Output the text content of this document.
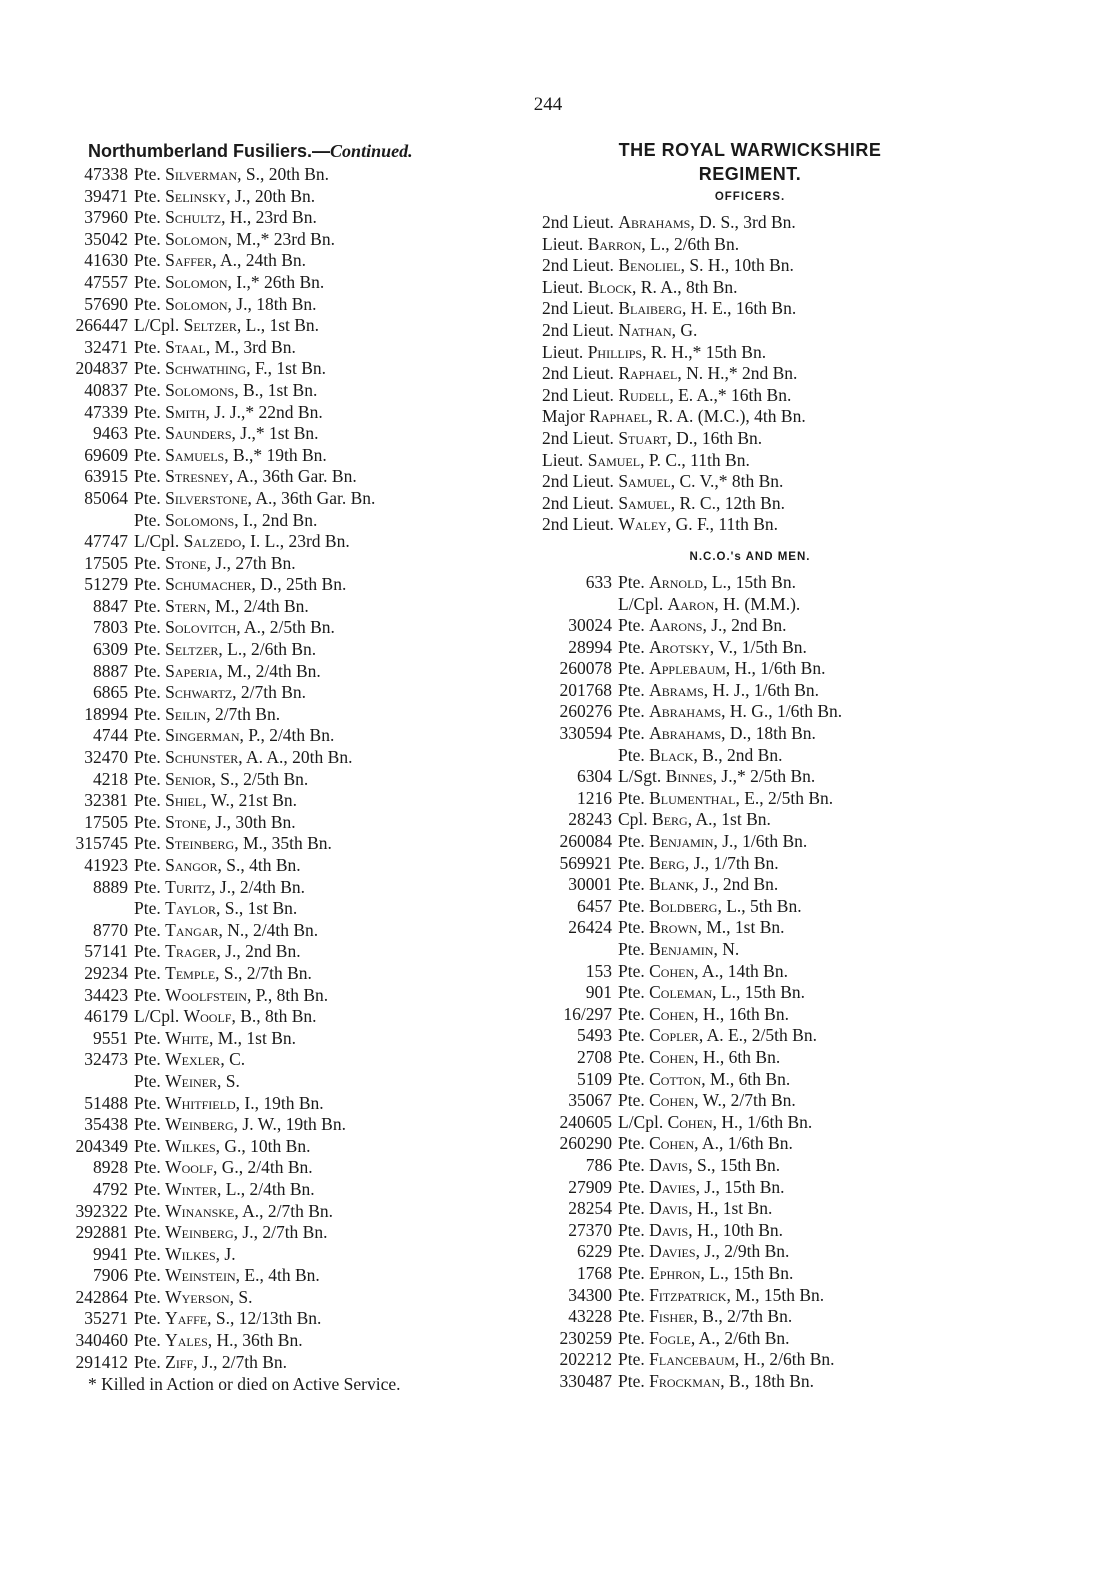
244
Northumberland Fusiliers.—Continued.
47338 Pte. Silverman, S., 20th Bn.
39471 Pte. Selinsky, J., 20th Bn.
37960 Pte. Schultz, H., 23rd Bn.
35042 Pte. Solomon, M.,* 23rd Bn.
41630 Pte. Saffer, A., 24th Bn.
47557 Pte. Solomon, I.,* 26th Bn.
57690 Pte. Solomon, J., 18th Bn.
266447 L/Cpl. Seltzer, L., 1st Bn.
32471 Pte. Staal, M., 3rd Bn.
204837 Pte. Schwathing, F., 1st Bn.
40837 Pte. Solomons, B., 1st Bn.
47339 Pte. Smith, J. J.,* 22nd Bn.
9463 Pte. Saunders, J.,* 1st Bn.
69609 Pte. Samuels, B.,* 19th Bn.
63915 Pte. Stresney, A., 36th Gar. Bn.
85064 Pte. Silverstone, A., 36th Gar. Bn.
Pte. Solomons, I., 2nd Bn.
47747 L/Cpl. Salzedo, I. L., 23rd Bn.
17505 Pte. Stone, J., 27th Bn.
51279 Pte. Schumacher, D., 25th Bn.
8847 Pte. Stern, M., 2/4th Bn.
7803 Pte. Solovitch, A., 2/5th Bn.
6309 Pte. Seltzer, L., 2/6th Bn.
8887 Pte. Saperia, M., 2/4th Bn.
6865 Pte. Schwartz, 2/7th Bn.
18994 Pte. Seilin, 2/7th Bn.
4744 Pte. Singerman, P., 2/4th Bn.
32470 Pte. Schunster, A. A., 20th Bn.
4218 Pte. Senior, S., 2/5th Bn.
32381 Pte. Shiel, W., 21st Bn.
17505 Pte. Stone, J., 30th Bn.
315745 Pte. Steinberg, M., 35th Bn.
41923 Pte. Sangor, S., 4th Bn.
8889 Pte. Turitz, J., 2/4th Bn.
Pte. Taylor, S., 1st Bn.
8770 Pte. Tangar, N., 2/4th Bn.
57141 Pte. Trager, J., 2nd Bn.
29234 Pte. Temple, S., 2/7th Bn.
34423 Pte. Woolfstein, P., 8th Bn.
46179 L/Cpl. Woolf, B., 8th Bn.
9551 Pte. White, M., 1st Bn.
32473 Pte. Wexler, C.
Pte. Weiner, S.
51488 Pte. Whitfield, I., 19th Bn.
35438 Pte. Weinberg, J. W., 19th Bn.
204349 Pte. Wilkes, G., 10th Bn.
8928 Pte. Woolf, G., 2/4th Bn.
4792 Pte. Winter, L., 2/4th Bn.
392322 Pte. Winanske, A., 2/7th Bn.
292881 Pte. Weinberg, J., 2/7th Bn.
9941 Pte. Wilkes, J.
7906 Pte. Weinstein, E., 4th Bn.
242864 Pte. Wyerson, S.
35271 Pte. Yaffe, S., 12/13th Bn.
340460 Pte. Yales, H., 36th Bn.
291412 Pte. Ziff, J., 2/7th Bn.
* Killed in Action or died on Active Service.
THE ROYAL WARWICKSHIRE
REGIMENT.
OFFICERS.
2nd Lieut. Abrahams, D. S., 3rd Bn.
Lieut. Barron, L., 2/6th Bn.
2nd Lieut. Benoliel, S. H., 10th Bn.
Lieut. Block, R. A., 8th Bn.
2nd Lieut. Blaiberg, H. E., 16th Bn.
2nd Lieut. Nathan, G.
Lieut. Phillips, R. H.,* 15th Bn.
2nd Lieut. Raphael, N. H.,* 2nd Bn.
2nd Lieut. Rudell, E. A.,* 16th Bn.
Major Raphael, R. A. (M.C.), 4th Bn.
2nd Lieut. Stuart, D., 16th Bn.
Lieut. Samuel, P. C., 11th Bn.
2nd Lieut. Samuel, C. V.,* 8th Bn.
2nd Lieut. Samuel, R. C., 12th Bn.
2nd Lieut. Waley, G. F., 11th Bn.
N.C.O.'s AND MEN.
633 Pte. Arnold, L., 15th Bn.
L/Cpl. Aaron, H. (M.M.).
30024 Pte. Aarons, J., 2nd Bn.
28994 Pte. Arotsky, V., 1/5th Bn.
260078 Pte. Applebaum, H., 1/6th Bn.
201768 Pte. Abrams, H. J., 1/6th Bn.
260276 Pte. Abrahams, H. G., 1/6th Bn.
330594 Pte. Abrahams, D., 18th Bn.
Pte. Black, B., 2nd Bn.
6304 L/Sgt. Binnes, J.,* 2/5th Bn.
1216 Pte. Blumenthal, E., 2/5th Bn.
28243 Cpl. Berg, A., 1st Bn.
260084 Pte. Benjamin, J., 1/6th Bn.
569921 Pte. Berg, J., 1/7th Bn.
30001 Pte. Blank, J., 2nd Bn.
6457 Pte. Boldberg, L., 5th Bn.
26424 Pte. Brown, M., 1st Bn.
Pte. Benjamin, N.
153 Pte. Cohen, A., 14th Bn.
901 Pte. Coleman, L., 15th Bn.
16/297 Pte. Cohen, H., 16th Bn.
5493 Pte. Copler, A. E., 2/5th Bn.
2708 Pte. Cohen, H., 6th Bn.
5109 Pte. Cotton, M., 6th Bn.
35067 Pte. Cohen, W., 2/7th Bn.
240605 L/Cpl. Cohen, H., 1/6th Bn.
260290 Pte. Cohen, A., 1/6th Bn.
786 Pte. Davis, S., 15th Bn.
27909 Pte. Davies, J., 15th Bn.
28254 Pte. Davis, H., 1st Bn.
27370 Pte. Davis, H., 10th Bn.
6229 Pte. Davies, J., 2/9th Bn.
1768 Pte. Ephron, L., 15th Bn.
34300 Pte. Fitzpatrick, M., 15th Bn.
43228 Pte. Fisher, B., 2/7th Bn.
230259 Pte. Fogle, A., 2/6th Bn.
202212 Pte. Flancebaum, H., 2/6th Bn.
330487 Pte. Frockman, B., 18th Bn.
